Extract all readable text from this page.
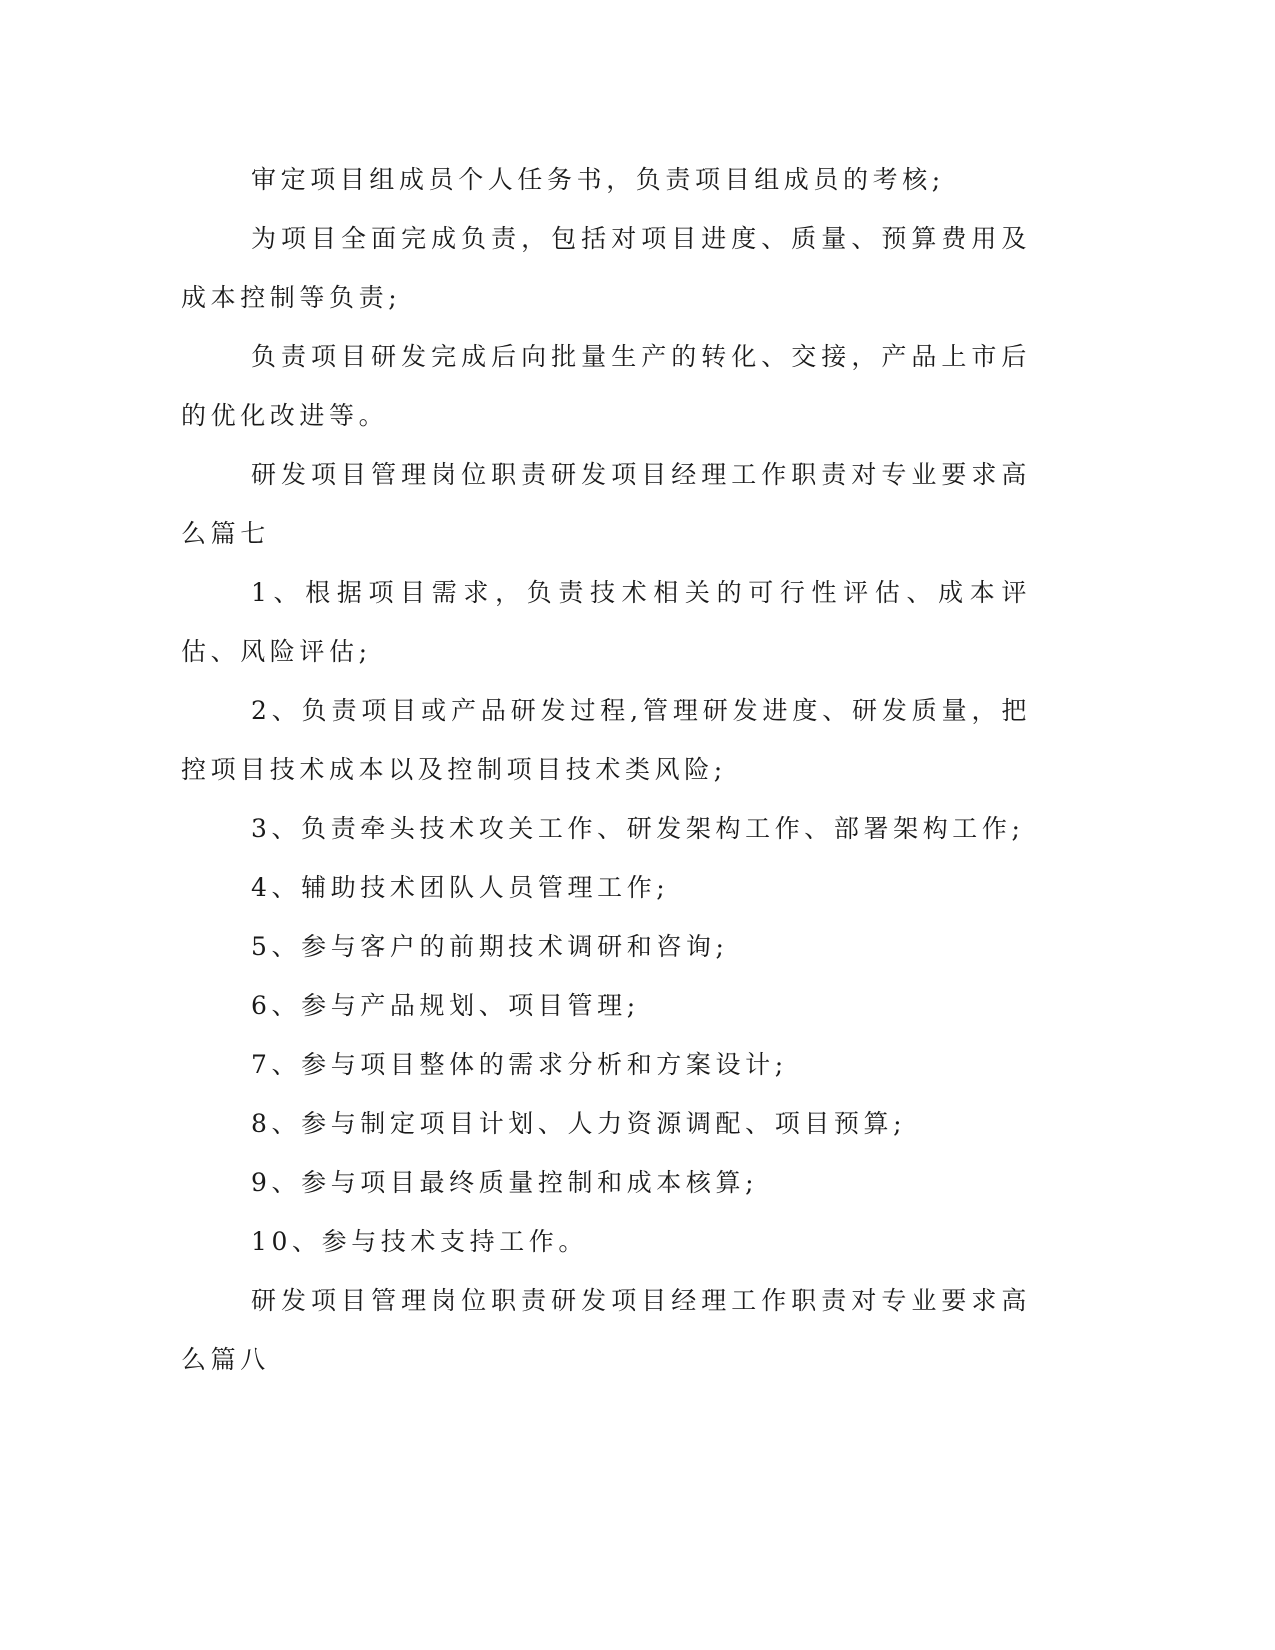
审定项目组成员个人任务书，负责项目组成员的考核;

为项目全面完成负责，包括对项目进度、质量、预算费用及成本控制等负责;

负责项目研发完成后向批量生产的转化、交接，产品上市后的优化改进等。

研发项目管理岗位职责研发项目经理工作职责对专业要求高么篇七

1、根据项目需求，负责技术相关的可行性评估、成本评估、风险评估;

2、负责项目或产品研发过程,管理研发进度、研发质量，把控项目技术成本以及控制项目技术类风险;

3、负责牵头技术攻关工作、研发架构工作、部署架构工作;

4、辅助技术团队人员管理工作;

5、参与客户的前期技术调研和咨询;

6、参与产品规划、项目管理;

7、参与项目整体的需求分析和方案设计;

8、参与制定项目计划、人力资源调配、项目预算;

9、参与项目最终质量控制和成本核算;

10、参与技术支持工作。

研发项目管理岗位职责研发项目经理工作职责对专业要求高么篇八
